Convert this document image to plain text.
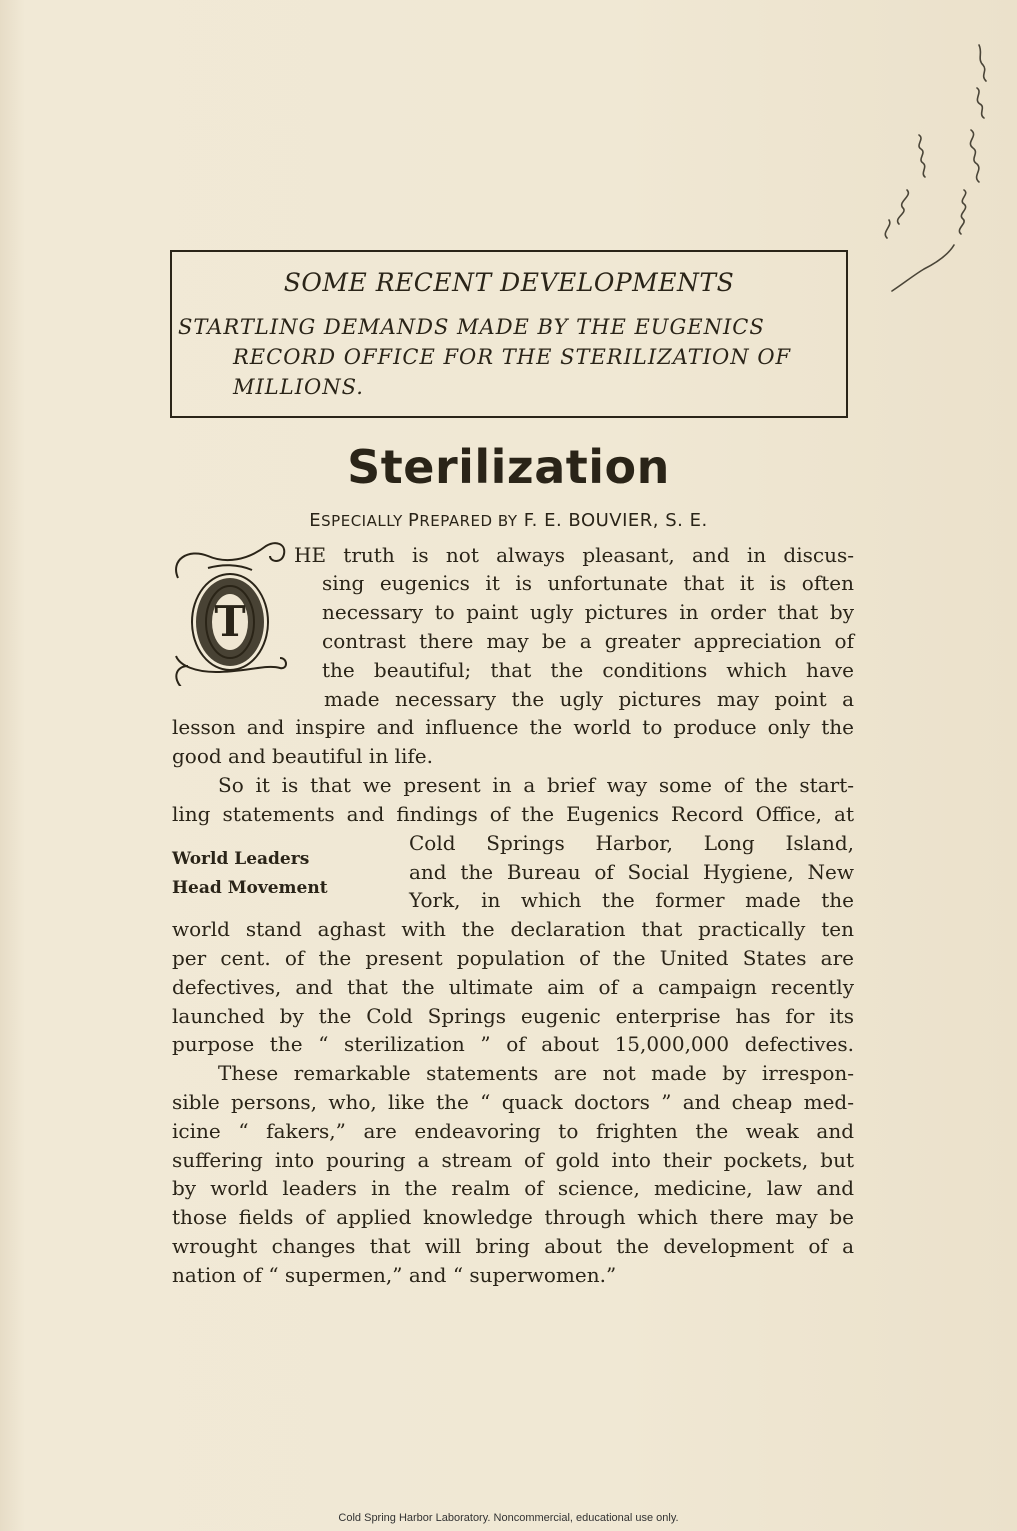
SOME RECENT DEVELOPMENTS
STARTLING DEMANDS MADE BY THE EUGENICS
RECORD OFFICE FOR THE STERILIZATION OF
MILLIONS.
Sterilization
ESPECIALLY PREPARED BY F. E. BOUVIER, S. E.
T
HE truth is not always pleasant, and in discus-
sing eugenics it is unfortunate that it is often
necessary to paint ugly pictures in order that by
contrast there may be a greater appreciation of
the beautiful; that the conditions which have
made necessary the ugly pictures may point a
lesson and inspire and influence the world to produce only the
good and beautiful in life.
So it is that we present in a brief way some of the start-
ling statements and findings of the Eugenics Record Office, at
Cold Springs Harbor, Long Island,
and the Bureau of Social Hygiene, New
York, in which the former made the
world stand aghast with the declaration that practically ten
per cent. of the present population of the United States are
defectives, and that the ultimate aim of a campaign recently
launched by the Cold Springs eugenic enterprise has for its
purpose the “ sterilization ” of about 15,000,000 defectives.
These remarkable statements are not made by irrespon-
sible persons, who, like the “ quack doctors ” and cheap med-
icine “ fakers,” are endeavoring to frighten the weak and
suffering into pouring a stream of gold into their pockets, but
by world leaders in the realm of science, medicine, law and
those fields of applied knowledge through which there may be
wrought changes that will bring about the development of a
nation of “ supermen,” and “ superwomen.”
World Leaders
Head Movement
Cold Spring Harbor Laboratory. Noncommercial, educational use only.
